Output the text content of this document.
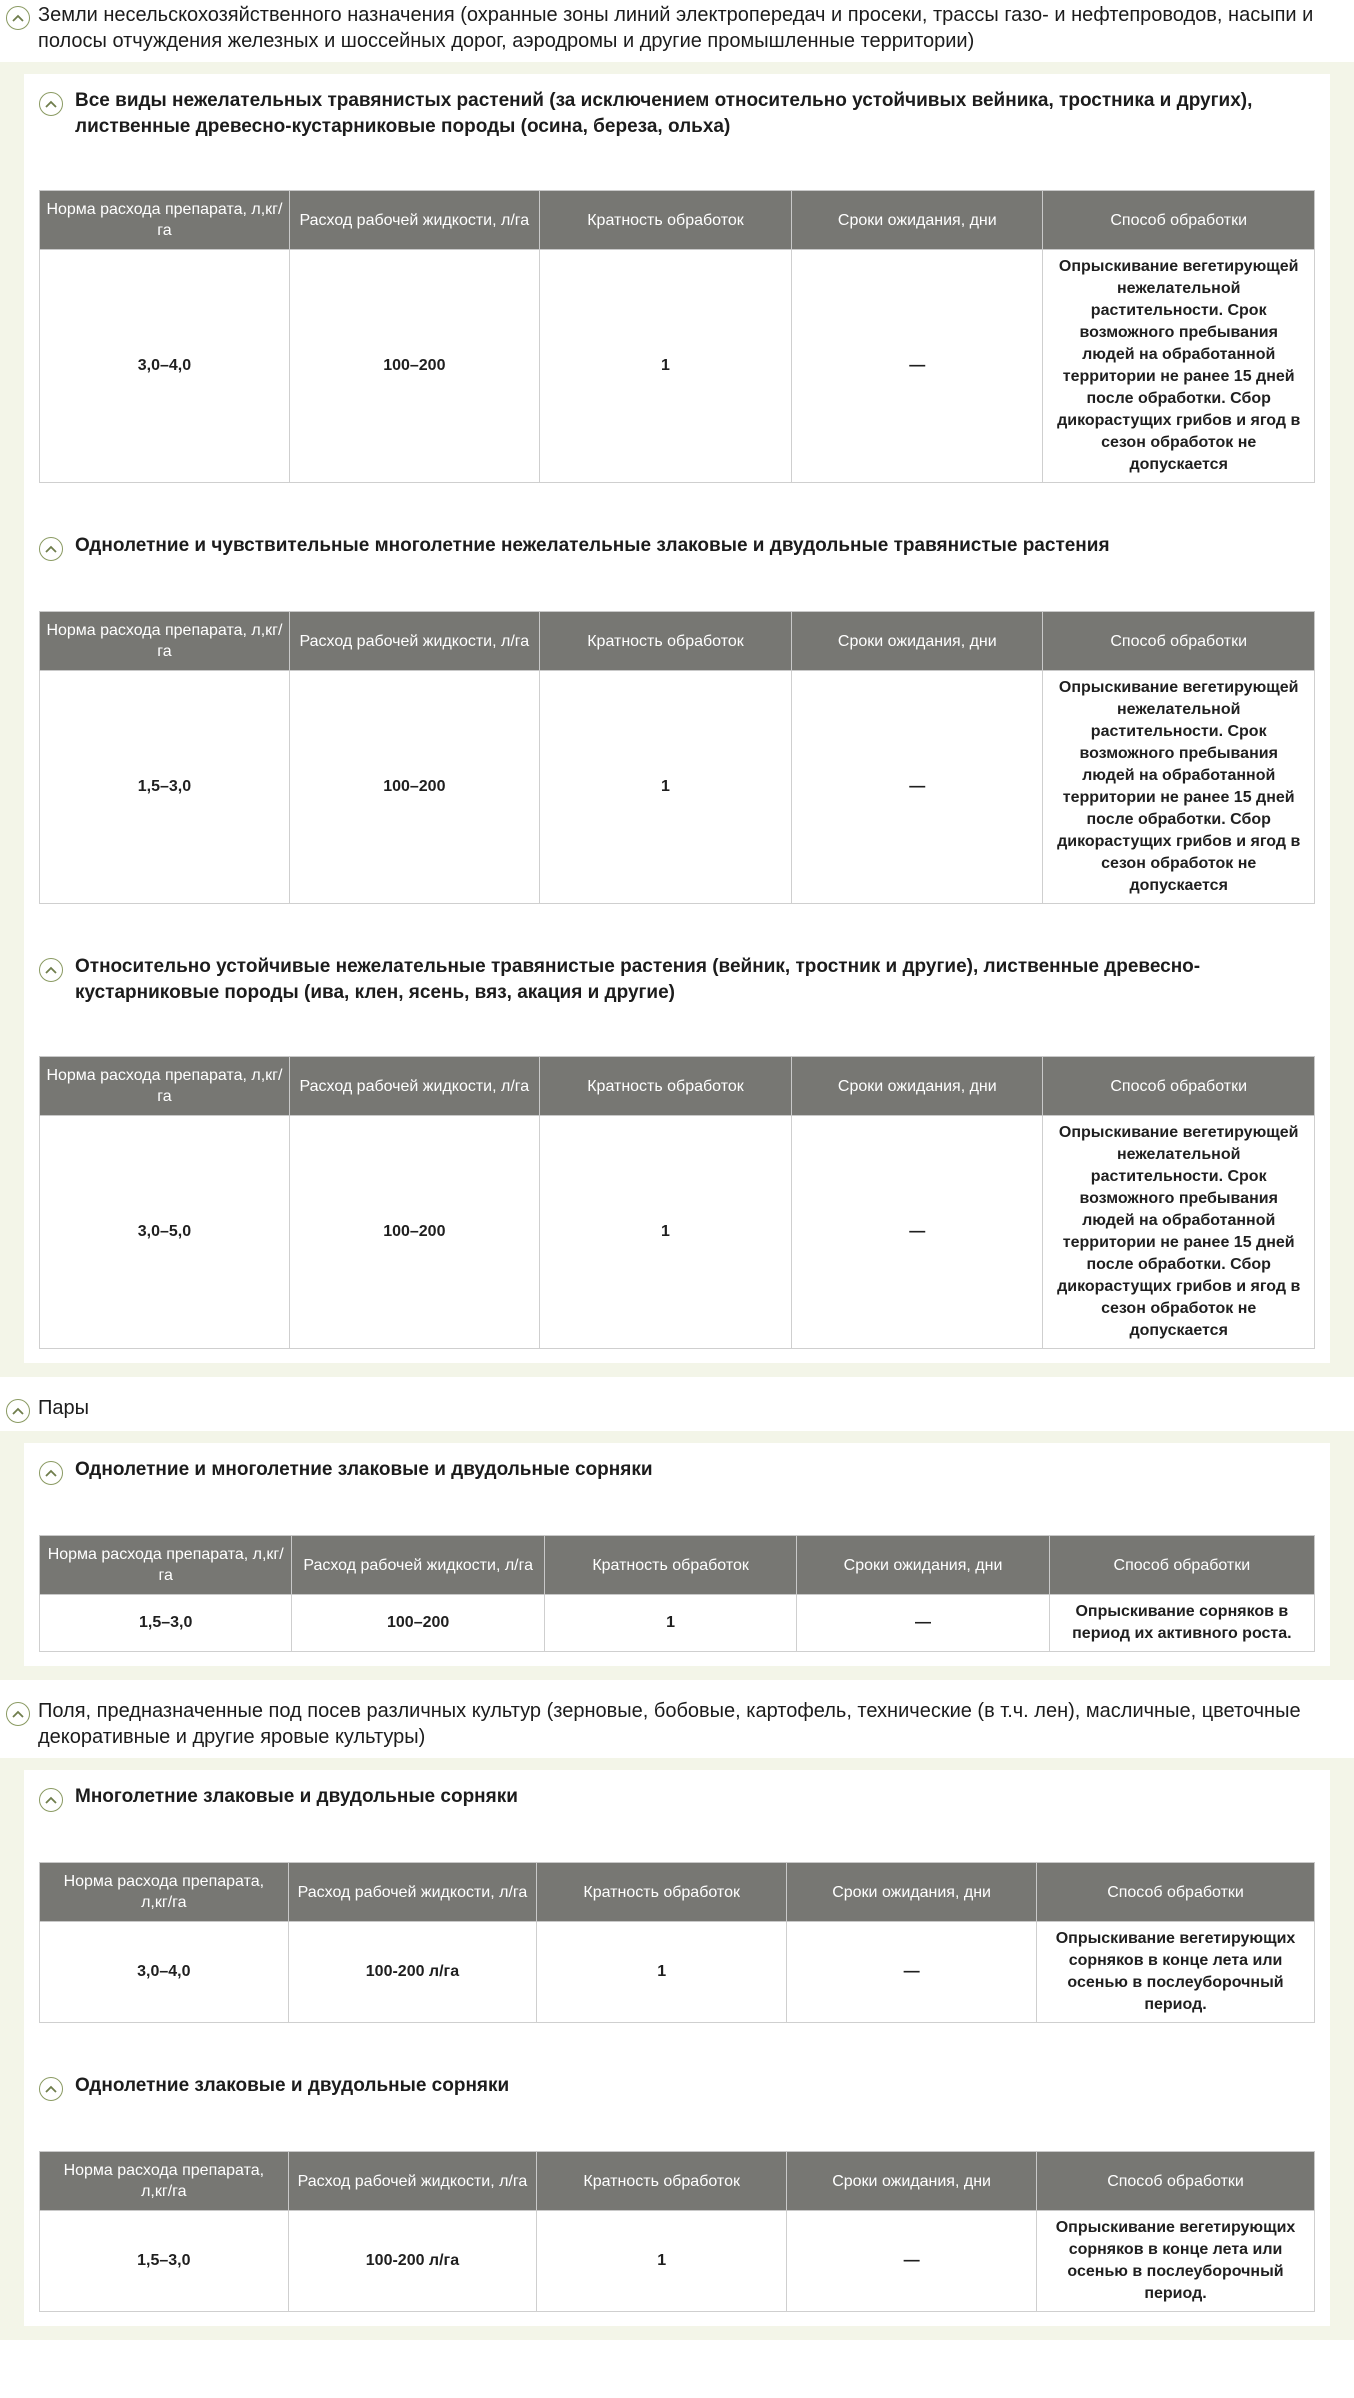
Земли несельскохозяйственного назначения (охранные зоны линий электропередач и просеки, трассы газо- и нефтепроводов, насыпи и полосы отчуждения железных и шоссейных дорог, аэродромы и другие промышленные территории)
Все виды нежелательных травянистых растений (за исключением относительно устойчивых вейника, тростника и других), лиственные древесно-кустарниковые породы (осина, береза, ольха)
Норма расхода препарата, л,кг/га	Расход рабочей жидкости, л/га	Кратность обработок	Сроки ожидания, дни	Способ обработки
3,0–4,0	100–200	1	—	Опрыскивание вегетирующей нежелательной растительности. Срок возможного пребывания людей на обработанной территории не ранее 15 дней после обработки. Сбор дикорастущих грибов и ягод в сезон обработок не допускается
Однолетние и чувствительные многолетние нежелательные злаковые и двудольные травянистые растения
Норма расхода препарата, л,кг/га	Расход рабочей жидкости, л/га	Кратность обработок	Сроки ожидания, дни	Способ обработки
1,5–3,0	100–200	1	—	Опрыскивание вегетирующей нежелательной растительности. Срок возможного пребывания людей на обработанной территории не ранее 15 дней после обработки. Сбор дикорастущих грибов и ягод в сезон обработок не допускается
Относительно устойчивые нежелательные травянистые растения (вейник, тростник и другие), лиственные древесно-кустарниковые породы (ива, клен, ясень, вяз, акация и другие)
Норма расхода препарата, л,кг/га	Расход рабочей жидкости, л/га	Кратность обработок	Сроки ожидания, дни	Способ обработки
3,0–5,0	100–200	1	—	Опрыскивание вегетирующей нежелательной растительности. Срок возможного пребывания людей на обработанной территории не ранее 15 дней после обработки. Сбор дикорастущих грибов и ягод в сезон обработок не допускается
Пары
Однолетние и многолетние злаковые и двудольные сорняки
Норма расхода препарата, л,кг/га	Расход рабочей жидкости, л/га	Кратность обработок	Сроки ожидания, дни	Способ обработки
1,5–3,0	100–200	1	—	Опрыскивание сорняков в период их активного роста.
Поля, предназначенные под посев различных культур (зерновые, бобовые, картофель, технические (в т.ч. лен), масличные, цветочные декоративные и другие яровые культуры)
Многолетние злаковые и двудольные сорняки
Норма расхода препарата, л,кг/га	Расход рабочей жидкости, л/га	Кратность обработок	Сроки ожидания, дни	Способ обработки
3,0–4,0	100-200 л/га	1	—	Опрыскивание вегетирующих сорняков в конце лета или осенью в послеуборочный период.
Однолетние злаковые и двудольные сорняки
Норма расхода препарата, л,кг/га	Расход рабочей жидкости, л/га	Кратность обработок	Сроки ожидания, дни	Способ обработки
1,5–3,0	100-200 л/га	1	—	Опрыскивание вегетирующих сорняков в конце лета или осенью в послеуборочный период.
